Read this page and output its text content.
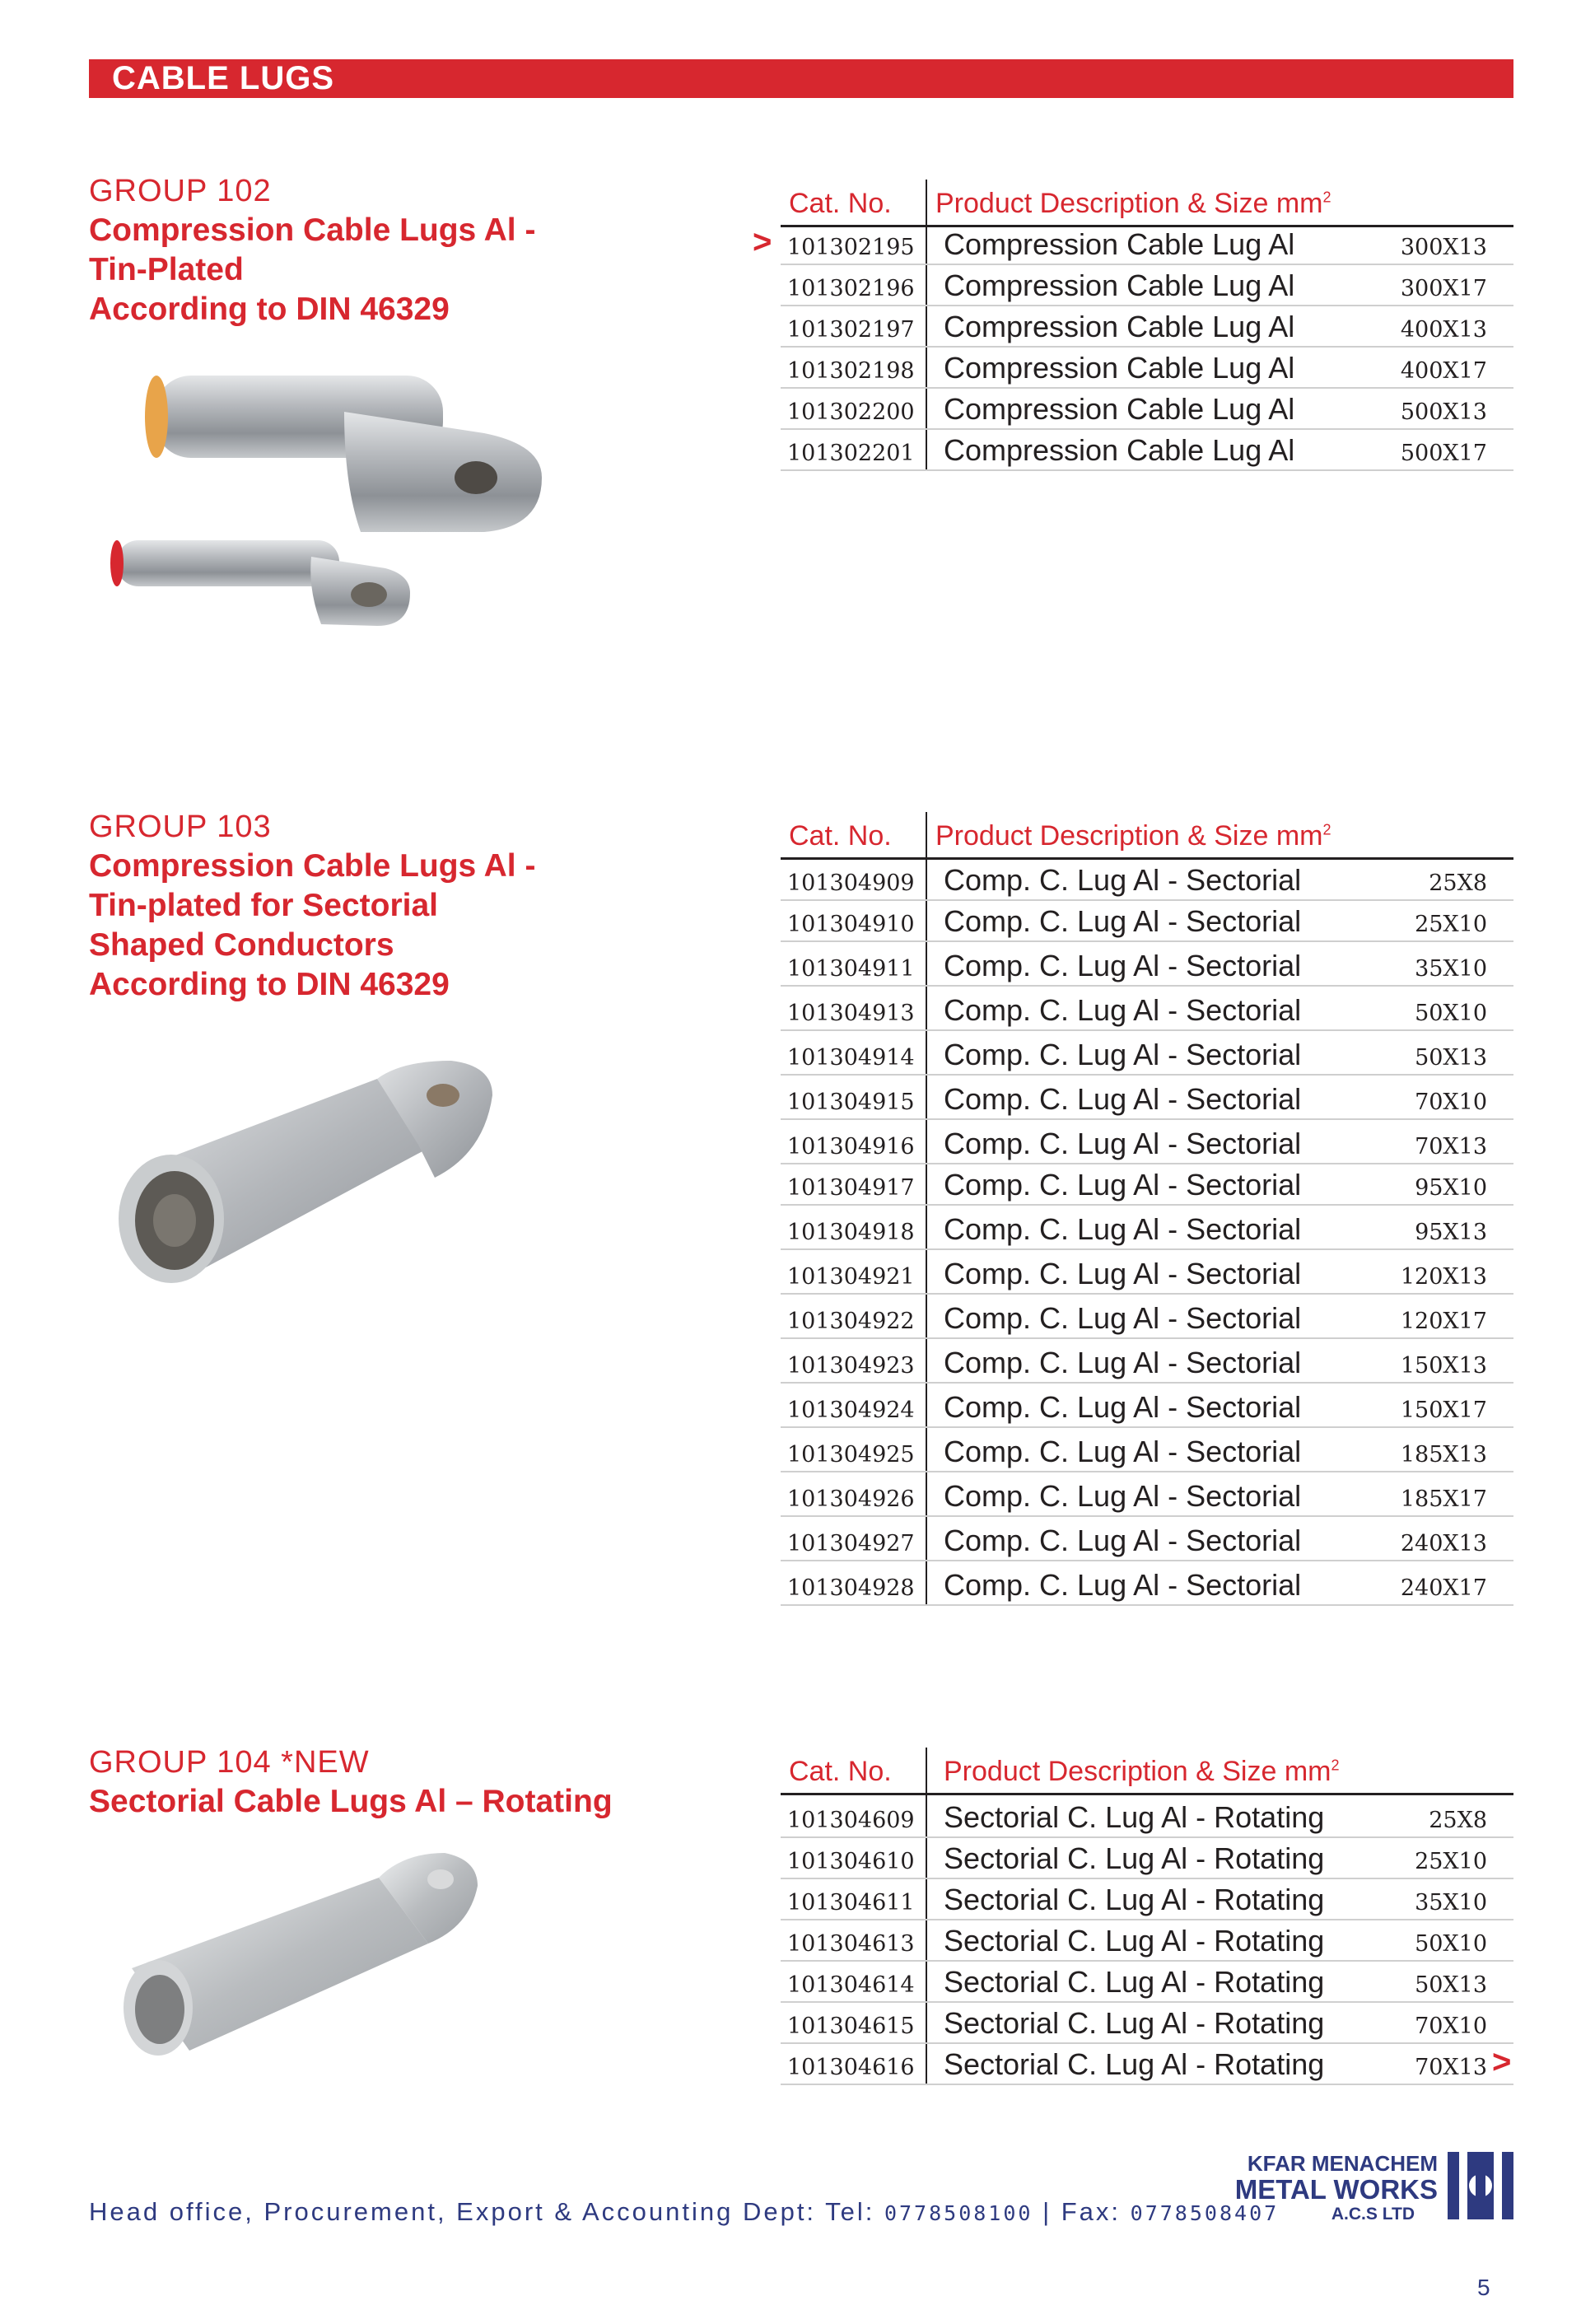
CABLE LUGS
GROUP 102
Compression Cable Lugs Al -
Tin-Plated
According to DIN 46329
Cat. No. Product Description & Size $mm^2$
101302195 Compression Cable Lug Al	300X13
101302196 Compression Cable Lug Al	300X17
101302197 Compression Cable Lug Al	400X13
101302198 Compression Cable Lug Al	400X17
101302200 Compression Cable Lug Al	500X13
101302201 Compression Cable Lug Al	500X17
>
GROUP 103
Compression Cable Lugs Al -
Tin-plated for Sectorial
Shaped Conductors
According to DIN 46329
Cat. No. Product Description & Size $mm^2$
101304909 Comp. C. Lug Al - Sectorial	25X8
101304910 Comp. C. Lug Al - Sectorial	25X10
101304911 Comp. C. Lug Al - Sectorial	35X10
101304913 Comp. C. Lug Al - Sectorial	50X10
101304914 Comp. C. Lug Al - Sectorial	50X13
101304915 Comp. C. Lug Al - Sectorial	70X10
101304916 Comp. C. Lug Al - Sectorial	70X13
101304917 Comp. C. Lug Al - Sectorial	95X10
101304918 Comp. C. Lug Al - Sectorial	95X13
101304921 Comp. C. Lug Al - Sectorial	120X13
101304922 Comp. C. Lug Al - Sectorial	120X17
101304923 Comp. C. Lug Al - Sectorial	150X13
101304924 Comp. C. Lug Al - Sectorial	150X17
101304925 Comp. C. Lug Al - Sectorial	185X13
101304926 Comp. C. Lug Al - Sectorial	185X17
101304927 Comp. C. Lug Al - Sectorial	240X13
101304928 Comp. C. Lug Al - Sectorial	240X17
GROUP 104 *NEW
Sectorial Cable Lugs Al – Rotating
Cat. No. Product Description & Size $mm^2$
101304609 Sectorial C. Lug Al - Rotating	25X8
101304610 Sectorial C. Lug Al - Rotating	25X10
101304611 Sectorial C. Lug Al - Rotating	35X10
101304613 Sectorial C. Lug Al - Rotating	50X10
101304614 Sectorial C. Lug Al - Rotating	50X13
101304615 Sectorial C. Lug Al - Rotating	70X10
101304616 Sectorial C. Lug Al - Rotating	70X13 >
Head office, Procurement, Export & Accounting Dept: Tel: 0778508100 | Fax: 0778508407
KFAR MENACHEM
METAL WORKS
A.C.S LTD
5
